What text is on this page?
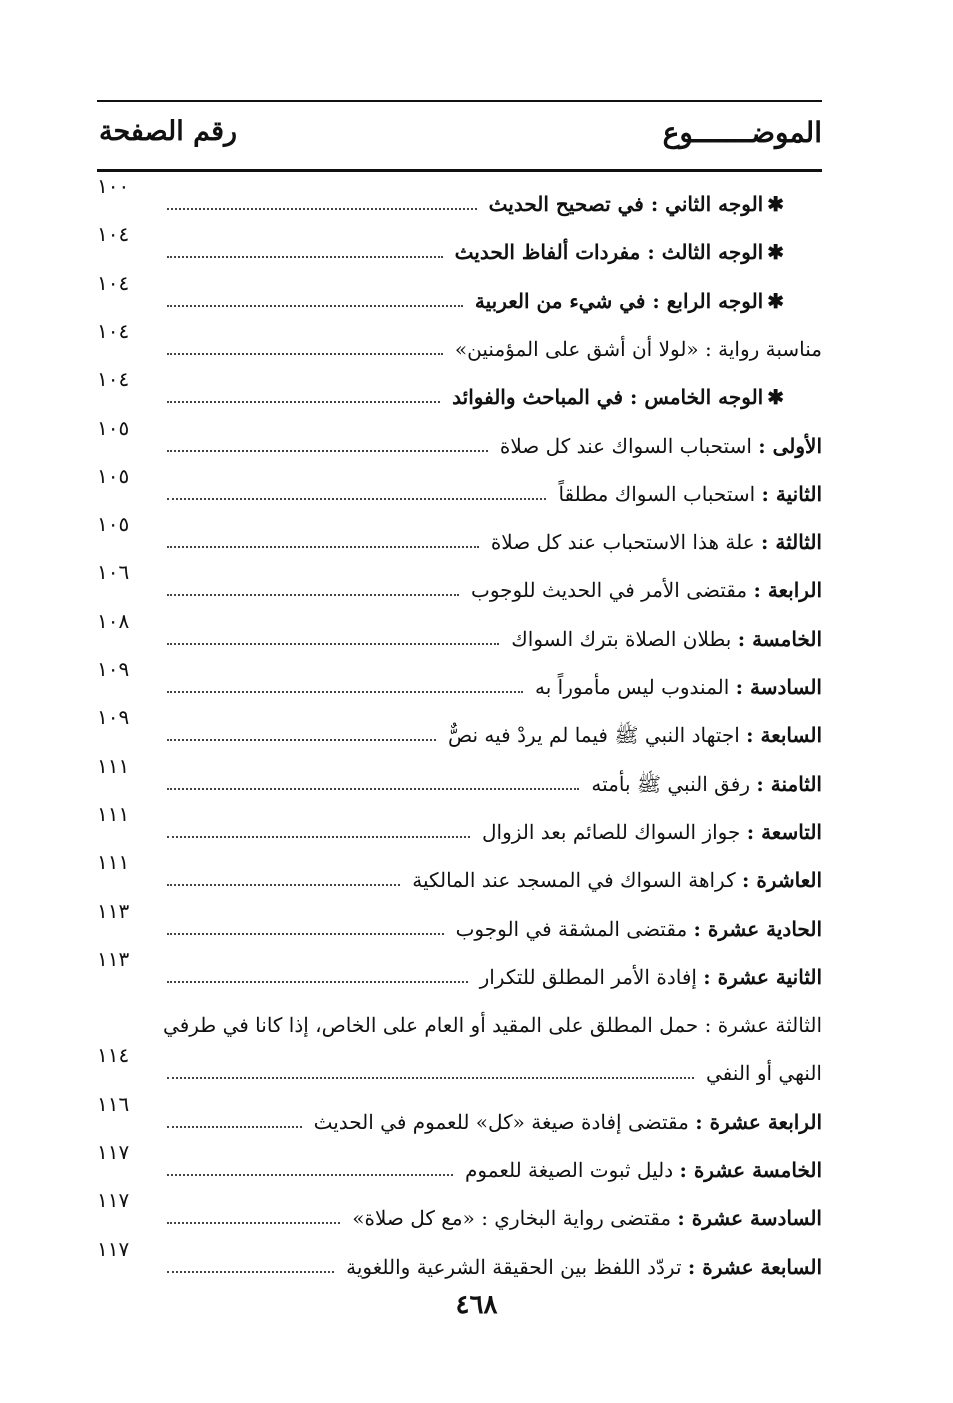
الموضـــــــوع
رقم الصفحة
✱الوجه الثاني : في تصحيح الحديث
١٠٠
✱الوجه الثالث : مفردات ألفاظ الحديث
١٠٤
✱الوجه الرابع : في شيء من العربية
١٠٤
مناسبة رواية : «لولا أن أشق على المؤمنين»
١٠٤
✱الوجه الخامس : في المباحث والفوائد
١٠٤
الأولى : استحباب السواك عند كل صلاة
١٠٥
الثانية : استحباب السواك مطلقاً
١٠٥
الثالثة : علة هذا الاستحباب عند كل صلاة
١٠٥
الرابعة : مقتضى الأمر في الحديث للوجوب
١٠٦
الخامسة : بطلان الصلاة بترك السواك
١٠٨
السادسة : المندوب ليس مأموراً به
١٠٩
السابعة : اجتهاد النبي ﷺ فيما لم يردْ فيه نصٌّ
١٠٩
الثامنة : رفق النبي ﷺ بأمته
١١١
التاسعة : جواز السواك للصائم بعد الزوال
١١١
العاشرة : كراهة السواك في المسجد عند المالكية
١١١
الحادية عشرة : مقتضى المشقة في الوجوب
١١٣
الثانية عشرة : إفادة الأمر المطلق للتكرار
١١٣
الثالثة عشرة :

حمل المطلق على المقيد أو العام على الخاص، إذا كانا في طرفي
النهي أو النفي
١١٤
الرابعة عشرة : مقتضى إفادة صيغة «كل» للعموم في الحديث
١١٦
الخامسة عشرة : دليل ثبوت الصيغة للعموم
١١٧
السادسة عشرة : مقتضى رواية البخاري : «مع كل صلاة»
١١٧
السابعة عشرة : تردّد اللفظ بين الحقيقة الشرعية واللغوية
١١٧
٤٦٨
